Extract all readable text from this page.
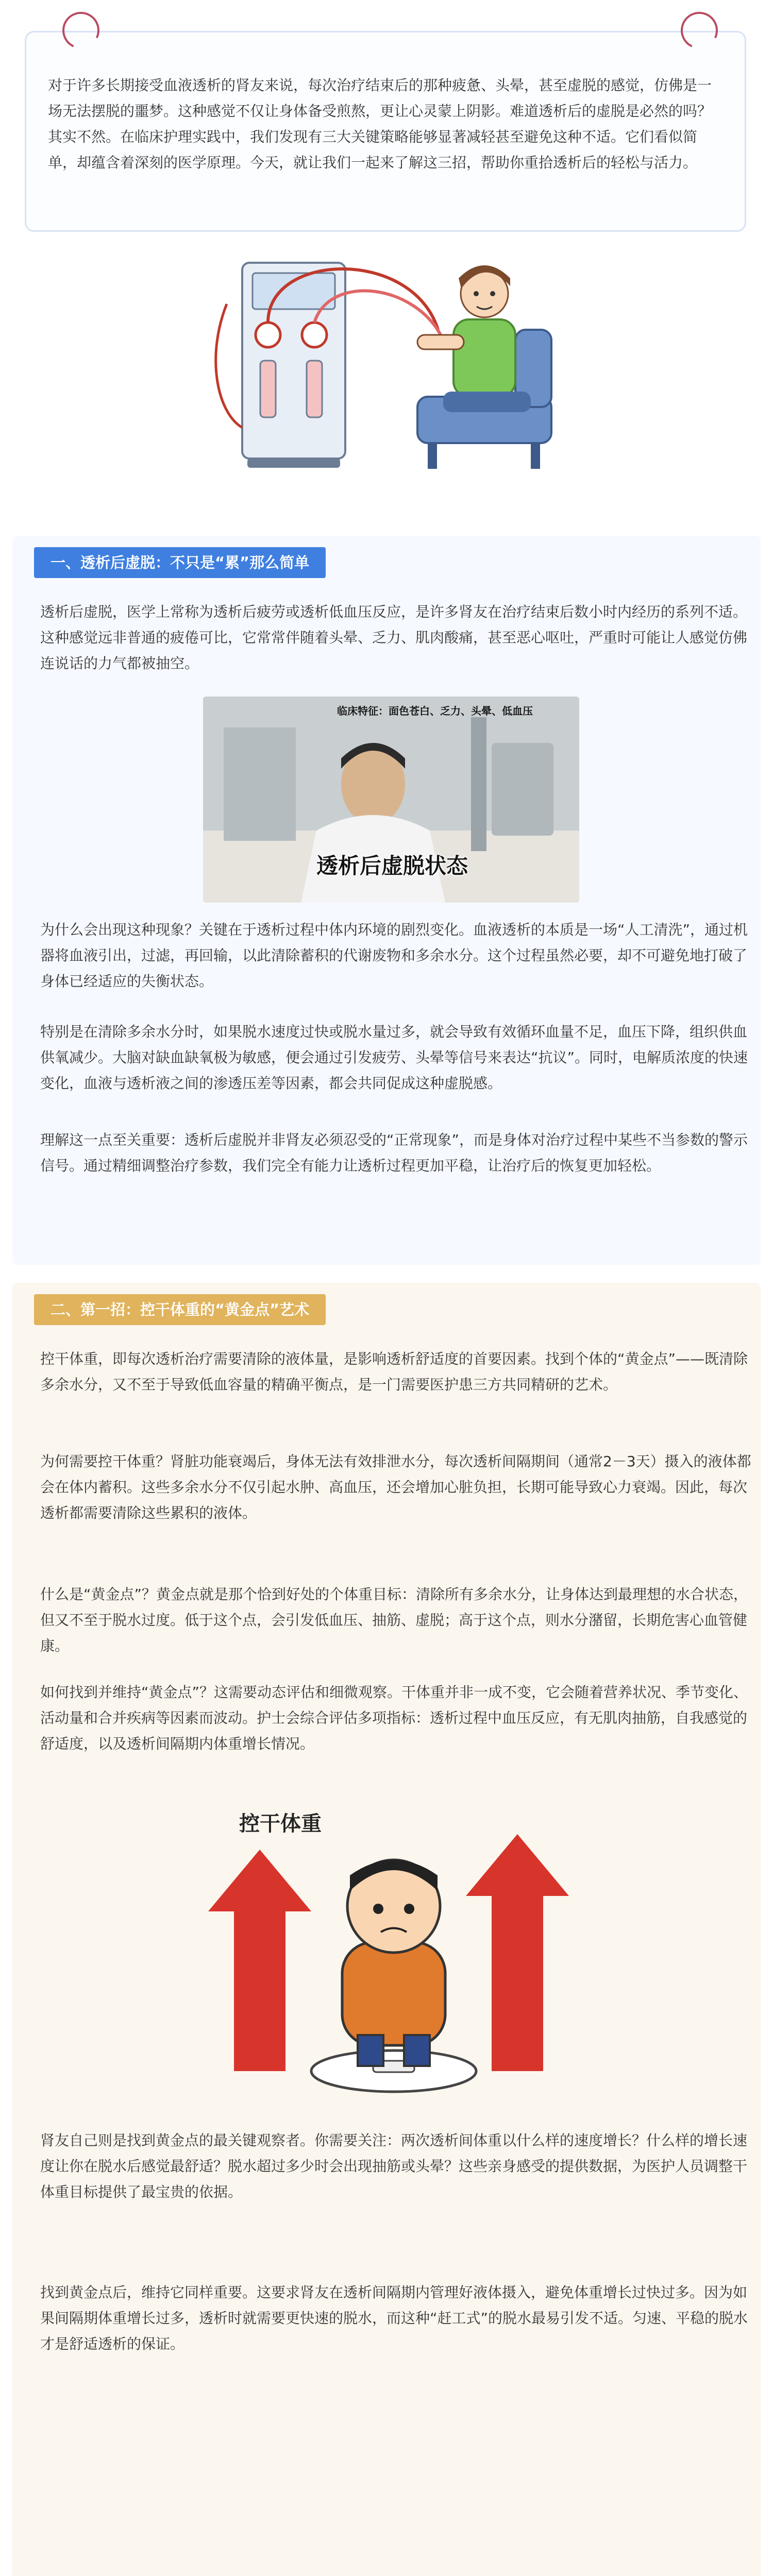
对于许多长期接受血液透析的肾友来说，每次治疗结束后的那种疲惫、头晕，甚至虚脱的感觉，仿佛是一场无法摆脱的噩梦。这种感觉不仅让身体备受煎熬，更让心灵蒙上阴影。难道透析后的虚脱是必然的吗？其实不然。在临床护理实践中，我们发现有三大关键策略能够显著减轻甚至避免这种不适。它们看似简单，却蕴含着深刻的医学原理。今天，就让我们一起来了解这三招，帮助你重拾透析后的轻松与活力。

一、透析后虚脱：不只是“累”那么简单

透析后虚脱，医学上常称为透析后疲劳或透析低血压反应，是许多肾友在治疗结束后数小时内经历的系列不适。这种感觉远非普通的疲倦可比，它常常伴随着头晕、乏力、肌肉酸痛，甚至恶心呕吐，严重时可能让人感觉仿佛连说话的力气都被抽空。

临床特征：面色苍白、乏力、头晕、低血压
透析后虚脱状态

为什么会出现这种现象？关键在于透析过程中体内环境的剧烈变化。血液透析的本质是一场“人工清洗”，通过机器将血液引出，过滤，再回输，以此清除蓄积的代谢废物和多余水分。这个过程虽然必要，却不可避免地打破了身体已经适应的失衡状态。

特别是在清除多余水分时，如果脱水速度过快或脱水量过多，就会导致有效循环血量不足，血压下降，组织供血供氧减少。大脑对缺血缺氧极为敏感，便会通过引发疲劳、头晕等信号来表达“抗议”。同时，电解质浓度的快速变化，血液与透析液之间的渗透压差等因素，都会共同促成这种虚脱感。

理解这一点至关重要：透析后虚脱并非肾友必须忍受的“正常现象”，而是身体对治疗过程中某些不当参数的警示信号。通过精细调整治疗参数，我们完全有能力让透析过程更加平稳，让治疗后的恢复更加轻松。

二、第一招：控干体重的“黄金点”艺术

控干体重，即每次透析治疗需要清除的液体量，是影响透析舒适度的首要因素。找到个体的“黄金点”——既清除多余水分，又不至于导致低血容量的精确平衡点，是一门需要医护患三方共同精研的艺术。

为何需要控干体重？肾脏功能衰竭后，身体无法有效排泄水分，每次透析间隔期间（通常2－3天）摄入的液体都会在体内蓄积。这些多余水分不仅引起水肿、高血压，还会增加心脏负担，长期可能导致心力衰竭。因此，每次透析都需要清除这些累积的液体。

什么是“黄金点”？黄金点就是那个恰到好处的个体重目标：清除所有多余水分，让身体达到最理想的水合状态，但又不至于脱水过度。低于这个点，会引发低血压、抽筋、虚脱；高于这个点，则水分潴留，长期危害心血管健康。

如何找到并维持“黄金点”？这需要动态评估和细微观察。干体重并非一成不变，它会随着营养状况、季节变化、活动量和合并疾病等因素而波动。护士会综合评估多项指标：透析过程中血压反应，有无肌肉抽筋，自我感觉的舒适度，以及透析间隔期内体重增长情况。

控干体重

肾友自己则是找到黄金点的最关键观察者。你需要关注：两次透析间体重以什么样的速度增长？什么样的增长速度让你在脱水后感觉最舒适？脱水超过多少时会出现抽筋或头晕？这些亲身感受的提供数据，为医护人员调整干体重目标提供了最宝贵的依据。

找到黄金点后，维持它同样重要。这要求肾友在透析间隔期内管理好液体摄入，避免体重增长过快过多。因为如果间隔期体重增长过多，透析时就需要更快速的脱水，而这种“赶工式”的脱水最易引发不适。匀速、平稳的脱水才是舒适透析的保证。
